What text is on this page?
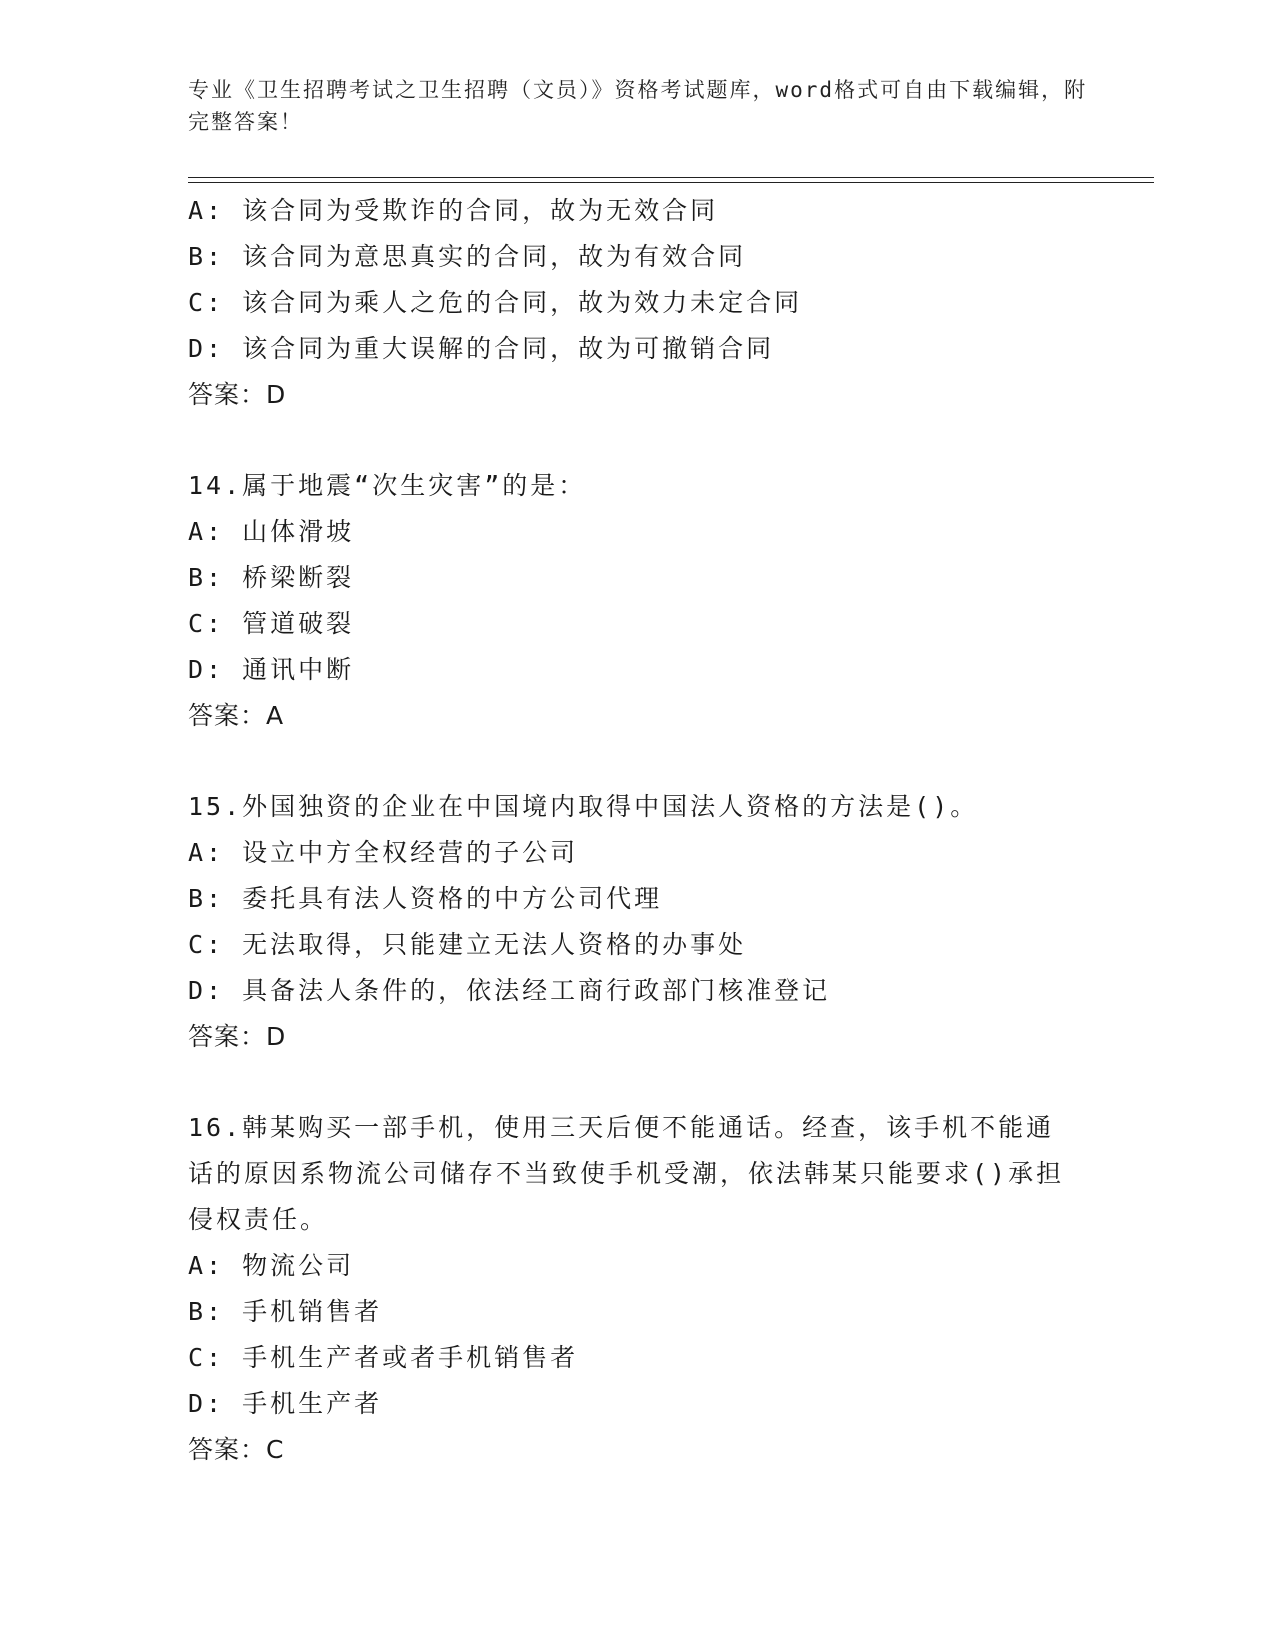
专业《卫生招聘考试之卫生招聘（文员）》资格考试题库，word格式可自由下载编辑，附完整答案！
A: 该合同为受欺诈的合同，故为无效合同
B: 该合同为意思真实的合同，故为有效合同
C: 该合同为乘人之危的合同，故为效力未定合同
D: 该合同为重大误解的合同，故为可撤销合同
答案：D
14.属于地震“次生灾害”的是：
A: 山体滑坡
B: 桥梁断裂
C: 管道破裂
D: 通讯中断
答案：A
15.外国独资的企业在中国境内取得中国法人资格的方法是()。
A: 设立中方全权经营的子公司
B: 委托具有法人资格的中方公司代理
C: 无法取得，只能建立无法人资格的办事处
D: 具备法人条件的，依法经工商行政部门核准登记
答案：D
16.韩某购买一部手机，使用三天后便不能通话。经查，该手机不能通话的原因系物流公司储存不当致使手机受潮，依法韩某只能要求()承担侵权责任。
A: 物流公司
B: 手机销售者
C: 手机生产者或者手机销售者
D: 手机生产者
答案：C
